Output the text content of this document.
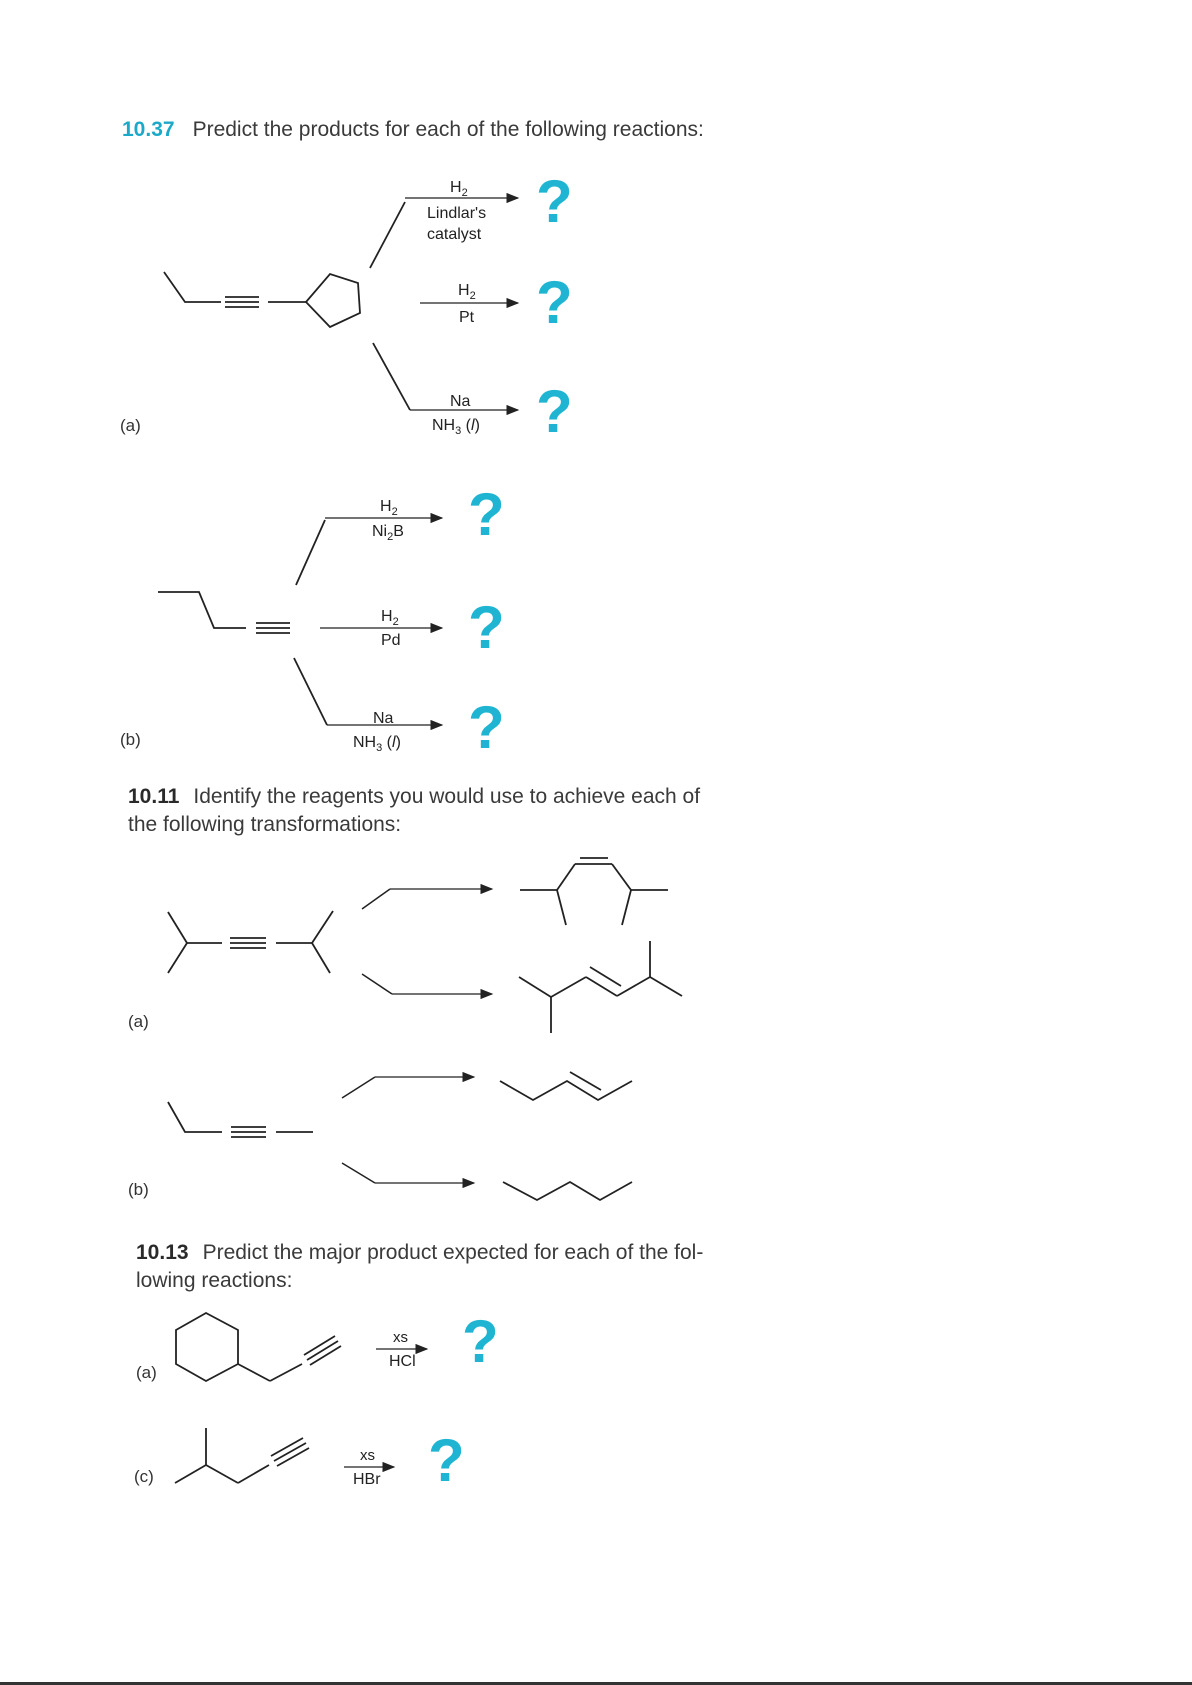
10.37 Predict the products for each of the following reactions:
$H_2$
Lindlar's
catalyst
$H_2$
Pt
Na
$NH_3$ (l)
?
?
?
$H_2$
$Ni_2B$
$H_2$
Pd
Na
$NH_3$ (l)
?
?
?
xs
HCl ?
xs
HBr ?
(a)
(b)
10.11 Identify the reagents you would use to achieve each of
the following transformations:
(a)
(b)
10.13 Predict the major product expected for each of the fol-
lowing reactions:
(a)
(c)
